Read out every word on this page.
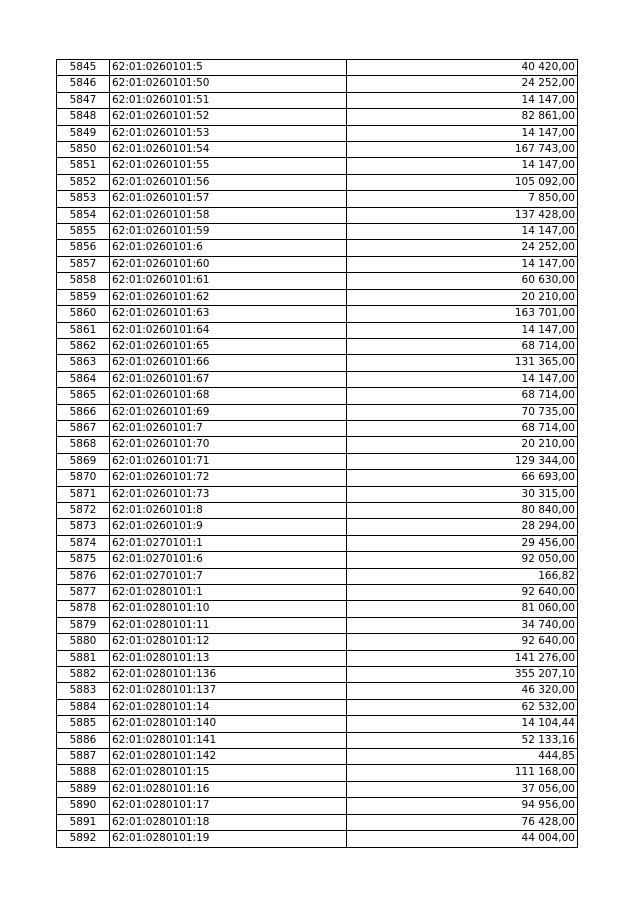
5845	62:01:0260101:5	40 420,00
5846	62:01:0260101:50	24 252,00
5847	62:01:0260101:51	14 147,00
5848	62:01:0260101:52	82 861,00
5849	62:01:0260101:53	14 147,00
5850	62:01:0260101:54	167 743,00
5851	62:01:0260101:55	14 147,00
5852	62:01:0260101:56	105 092,00
5853	62:01:0260101:57	7 850,00
5854	62:01:0260101:58	137 428,00
5855	62:01:0260101:59	14 147,00
5856	62:01:0260101:6	24 252,00
5857	62:01:0260101:60	14 147,00
5858	62:01:0260101:61	60 630,00
5859	62:01:0260101:62	20 210,00
5860	62:01:0260101:63	163 701,00
5861	62:01:0260101:64	14 147,00
5862	62:01:0260101:65	68 714,00
5863	62:01:0260101:66	131 365,00
5864	62:01:0260101:67	14 147,00
5865	62:01:0260101:68	68 714,00
5866	62:01:0260101:69	70 735,00
5867	62:01:0260101:7	68 714,00
5868	62:01:0260101:70	20 210,00
5869	62:01:0260101:71	129 344,00
5870	62:01:0260101:72	66 693,00
5871	62:01:0260101:73	30 315,00
5872	62:01:0260101:8	80 840,00
5873	62:01:0260101:9	28 294,00
5874	62:01:0270101:1	29 456,00
5875	62:01:0270101:6	92 050,00
5876	62:01:0270101:7	166,82
5877	62:01:0280101:1	92 640,00
5878	62:01:0280101:10	81 060,00
5879	62:01:0280101:11	34 740,00
5880	62:01:0280101:12	92 640,00
5881	62:01:0280101:13	141 276,00
5882	62:01:0280101:136	355 207,10
5883	62:01:0280101:137	46 320,00
5884	62:01:0280101:14	62 532,00
5885	62:01:0280101:140	14 104,44
5886	62:01:0280101:141	52 133,16
5887	62:01:0280101:142	444,85
5888	62:01:0280101:15	111 168,00
5889	62:01:0280101:16	37 056,00
5890	62:01:0280101:17	94 956,00
5891	62:01:0280101:18	76 428,00
5892	62:01:0280101:19	44 004,00
